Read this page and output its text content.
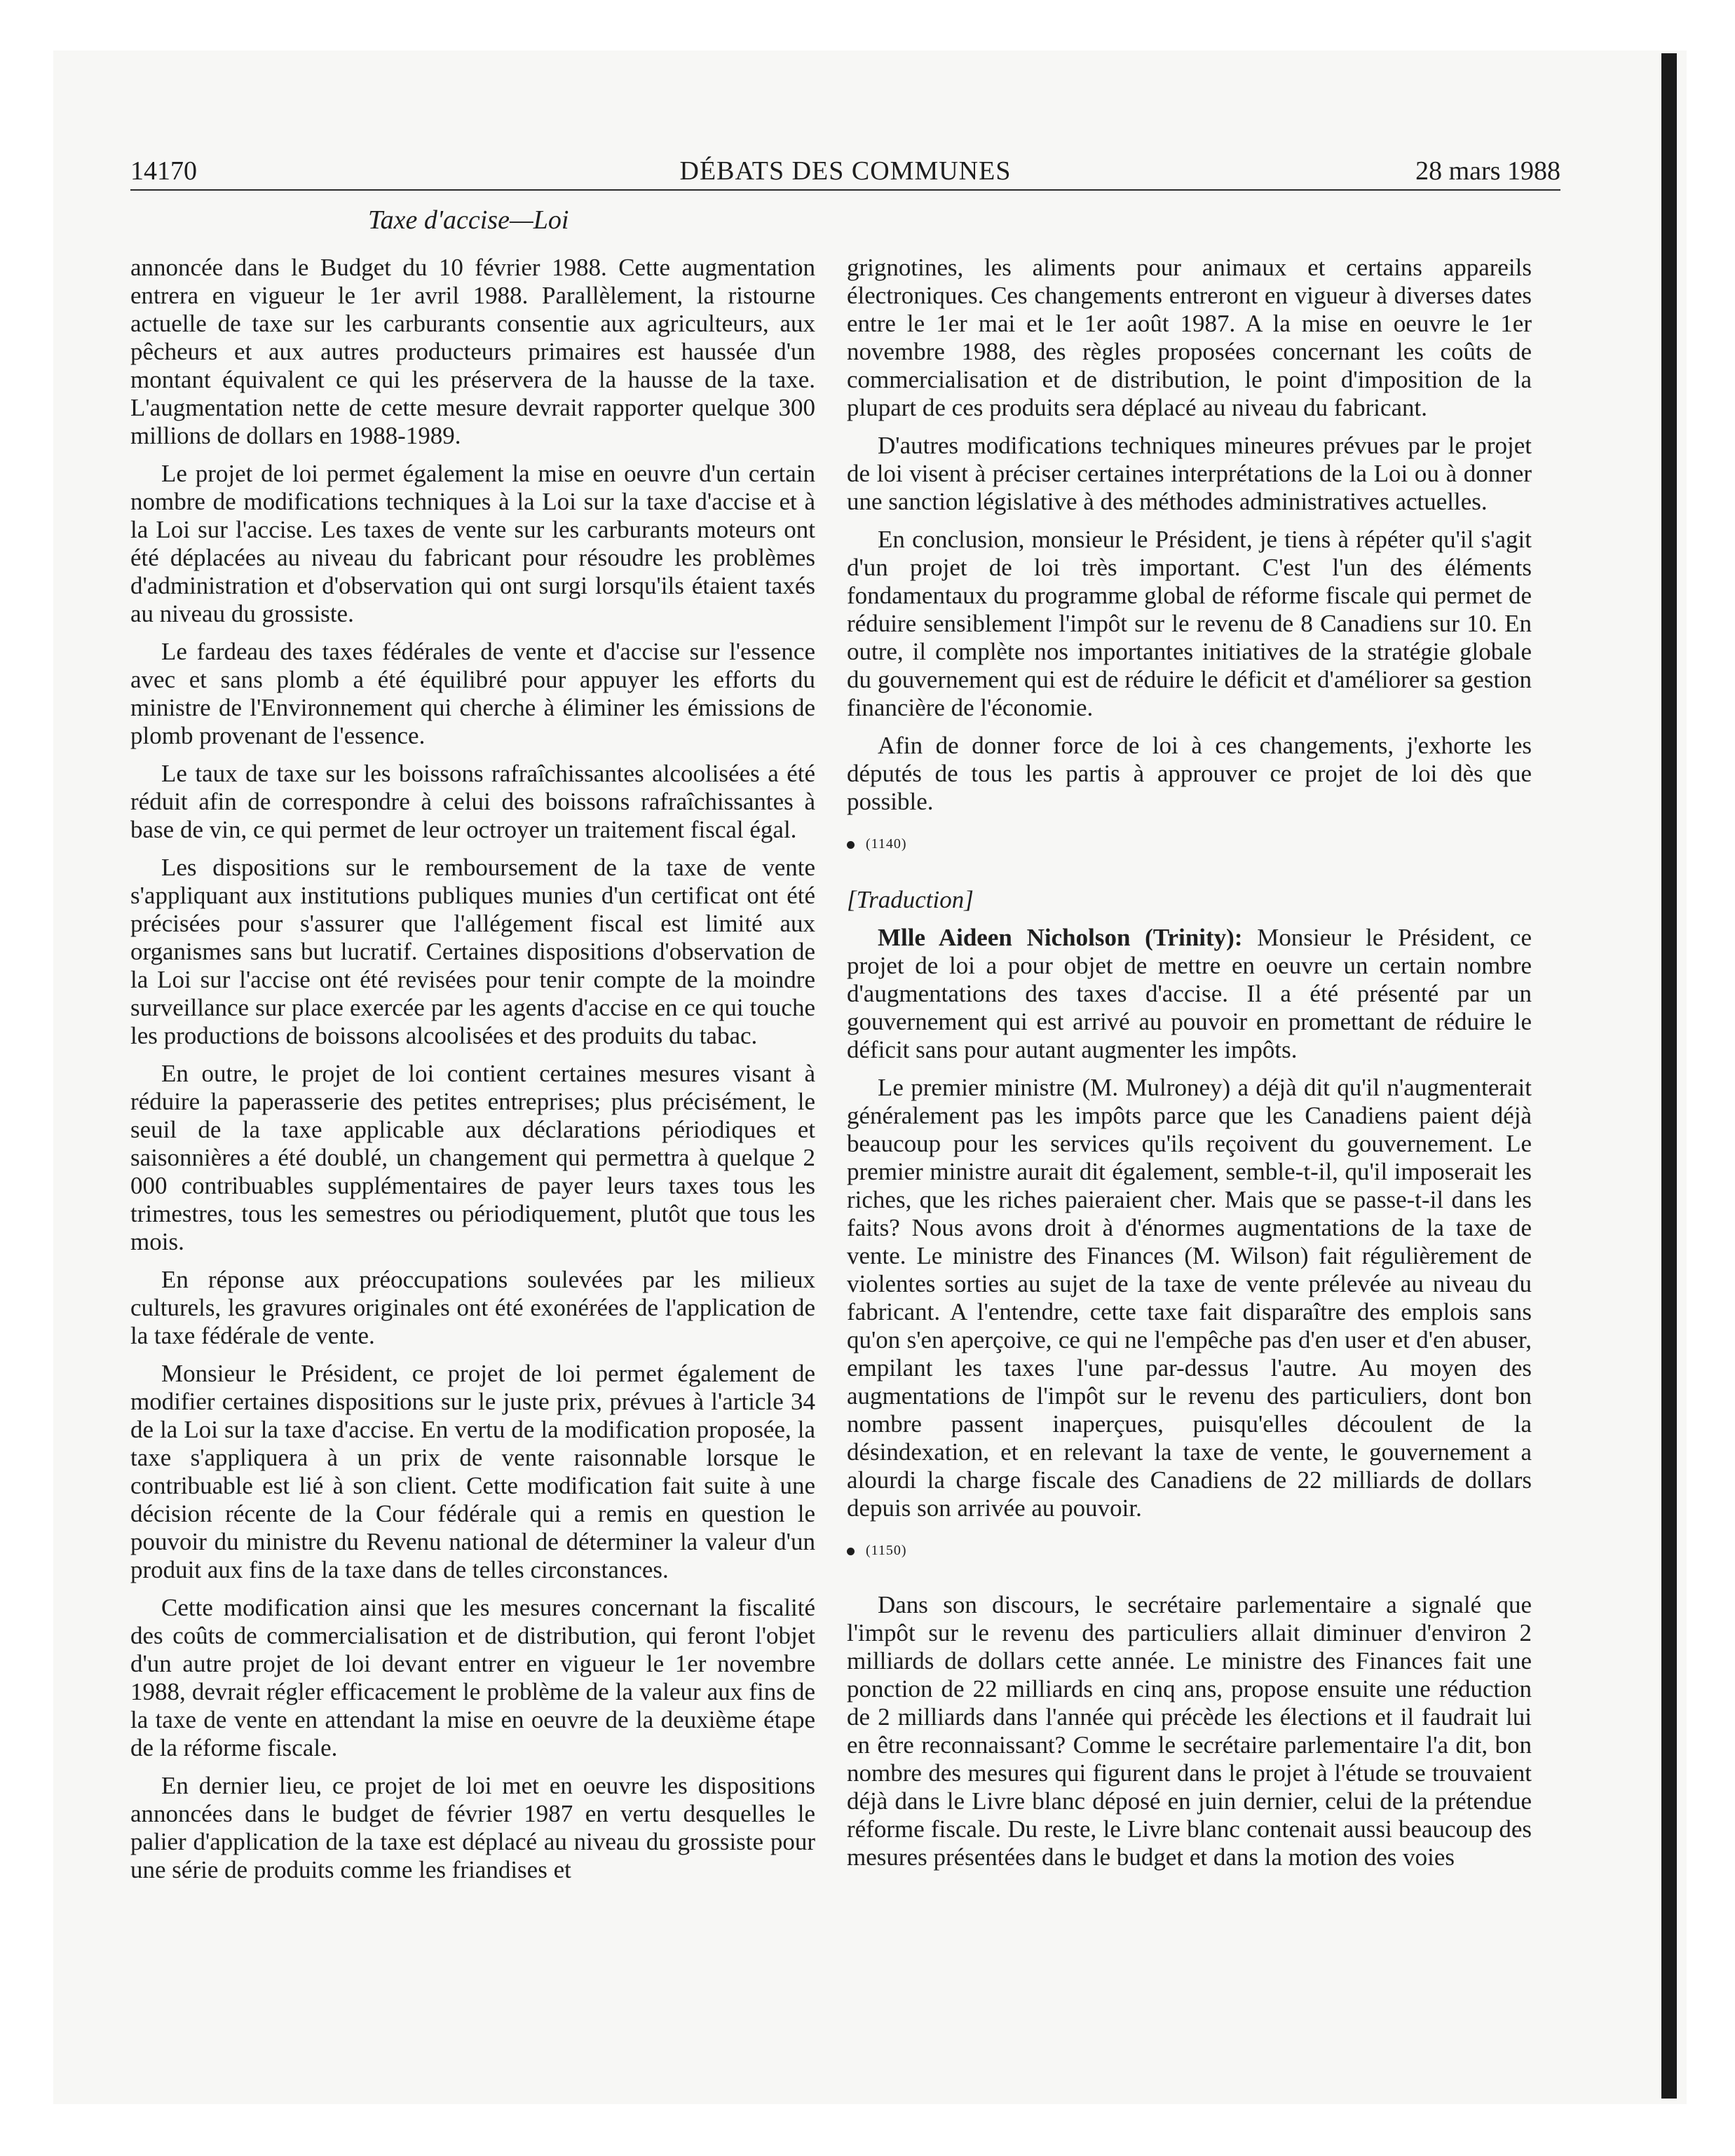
14170	DÉBATS DES COMMUNES	28 mars 1988
Taxe d'accise—Loi

annoncée dans le Budget du 10 février 1988. Cette augmentation entrera en vigueur le 1er avril 1988. Parallèlement, la ristourne actuelle de taxe sur les carburants consentie aux agriculteurs, aux pêcheurs et aux autres producteurs primaires est haussée d'un montant équivalent ce qui les préservera de la hausse de la taxe. L'augmentation nette de cette mesure devrait rapporter quelque 300 millions de dollars en 1988-1989.

Le projet de loi permet également la mise en oeuvre d'un certain nombre de modifications techniques à la Loi sur la taxe d'accise et à la Loi sur l'accise. Les taxes de vente sur les carburants moteurs ont été déplacées au niveau du fabricant pour résoudre les problèmes d'administration et d'observation qui ont surgi lorsqu'ils étaient taxés au niveau du grossiste.

Le fardeau des taxes fédérales de vente et d'accise sur l'essence avec et sans plomb a été équilibré pour appuyer les efforts du ministre de l'Environnement qui cherche à éliminer les émissions de plomb provenant de l'essence.

Le taux de taxe sur les boissons rafraîchissantes alcoolisées a été réduit afin de correspondre à celui des boissons rafraîchissantes à base de vin, ce qui permet de leur octroyer un traitement fiscal égal.

Les dispositions sur le remboursement de la taxe de vente s'appliquant aux institutions publiques munies d'un certificat ont été précisées pour s'assurer que l'allégement fiscal est limité aux organismes sans but lucratif. Certaines dispositions d'observation de la Loi sur l'accise ont été revisées pour tenir compte de la moindre surveillance sur place exercée par les agents d'accise en ce qui touche les productions de boissons alcoolisées et des produits du tabac.

En outre, le projet de loi contient certaines mesures visant à réduire la paperasserie des petites entreprises; plus précisément, le seuil de la taxe applicable aux déclarations périodiques et saisonnières a été doublé, un changement qui permettra à quelque 2 000 contribuables supplémentaires de payer leurs taxes tous les trimestres, tous les semestres ou périodiquement, plutôt que tous les mois.

En réponse aux préoccupations soulevées par les milieux culturels, les gravures originales ont été exonérées de l'application de la taxe fédérale de vente.

Monsieur le Président, ce projet de loi permet également de modifier certaines dispositions sur le juste prix, prévues à l'article 34 de la Loi sur la taxe d'accise. En vertu de la modification proposée, la taxe s'appliquera à un prix de vente raisonnable lorsque le contribuable est lié à son client. Cette modification fait suite à une décision récente de la Cour fédérale qui a remis en question le pouvoir du ministre du Revenu national de déterminer la valeur d'un produit aux fins de la taxe dans de telles circonstances.

Cette modification ainsi que les mesures concernant la fiscalité des coûts de commercialisation et de distribution, qui feront l'objet d'un autre projet de loi devant entrer en vigueur le 1er novembre 1988, devrait régler efficacement le problème de la valeur aux fins de la taxe de vente en attendant la mise en oeuvre de la deuxième étape de la réforme fiscale.

En dernier lieu, ce projet de loi met en oeuvre les dispositions annoncées dans le budget de février 1987 en vertu desquelles le palier d'application de la taxe est déplacé au niveau du grossiste pour une série de produits comme les friandises et

grignotines, les aliments pour animaux et certains appareils électroniques. Ces changements entreront en vigueur à diverses dates entre le 1er mai et le 1er août 1987. A la mise en oeuvre le 1er novembre 1988, des règles proposées concernant les coûts de commercialisation et de distribution, le point d'imposition de la plupart de ces produits sera déplacé au niveau du fabricant.

D'autres modifications techniques mineures prévues par le projet de loi visent à préciser certaines interprétations de la Loi ou à donner une sanction législative à des méthodes administratives actuelles.

En conclusion, monsieur le Président, je tiens à répéter qu'il s'agit d'un projet de loi très important. C'est l'un des éléments fondamentaux du programme global de réforme fiscale qui permet de réduire sensiblement l'impôt sur le revenu de 8 Canadiens sur 10. En outre, il complète nos importantes initiatives de la stratégie globale du gouvernement qui est de réduire le déficit et d'améliorer sa gestion financière de l'économie.

Afin de donner force de loi à ces changements, j'exhorte les députés de tous les partis à approuver ce projet de loi dès que possible.

(1140)
[Traduction]

Mlle Aideen Nicholson (Trinity): Monsieur le Président, ce projet de loi a pour objet de mettre en oeuvre un certain nombre d'augmentations des taxes d'accise. Il a été présenté par un gouvernement qui est arrivé au pouvoir en promettant de réduire le déficit sans pour autant augmenter les impôts.

Le premier ministre (M. Mulroney) a déjà dit qu'il n'augmenterait généralement pas les impôts parce que les Canadiens paient déjà beaucoup pour les services qu'ils reçoivent du gouvernement. Le premier ministre aurait dit également, semble-t-il, qu'il imposerait les riches, que les riches paieraient cher. Mais que se passe-t-il dans les faits? Nous avons droit à d'énormes augmentations de la taxe de vente. Le ministre des Finances (M. Wilson) fait régulièrement de violentes sorties au sujet de la taxe de vente prélevée au niveau du fabricant. A l'entendre, cette taxe fait disparaître des emplois sans qu'on s'en aperçoive, ce qui ne l'empêche pas d'en user et d'en abuser, empilant les taxes l'une par-dessus l'autre. Au moyen des augmentations de l'impôt sur le revenu des particuliers, dont bon nombre passent inaperçues, puisqu'elles découlent de la désindexation, et en relevant la taxe de vente, le gouvernement a alourdi la charge fiscale des Canadiens de 22 milliards de dollars depuis son arrivée au pouvoir.

(1150)

Dans son discours, le secrétaire parlementaire a signalé que l'impôt sur le revenu des particuliers allait diminuer d'environ 2 milliards de dollars cette année. Le ministre des Finances fait une ponction de 22 milliards en cinq ans, propose ensuite une réduction de 2 milliards dans l'année qui précède les élections et il faudrait lui en être reconnaissant? Comme le secrétaire parlementaire l'a dit, bon nombre des mesures qui figurent dans le projet à l'étude se trouvaient déjà dans le Livre blanc déposé en juin dernier, celui de la prétendue réforme fiscale. Du reste, le Livre blanc contenait aussi beaucoup des mesures présentées dans le budget et dans la motion des voies
